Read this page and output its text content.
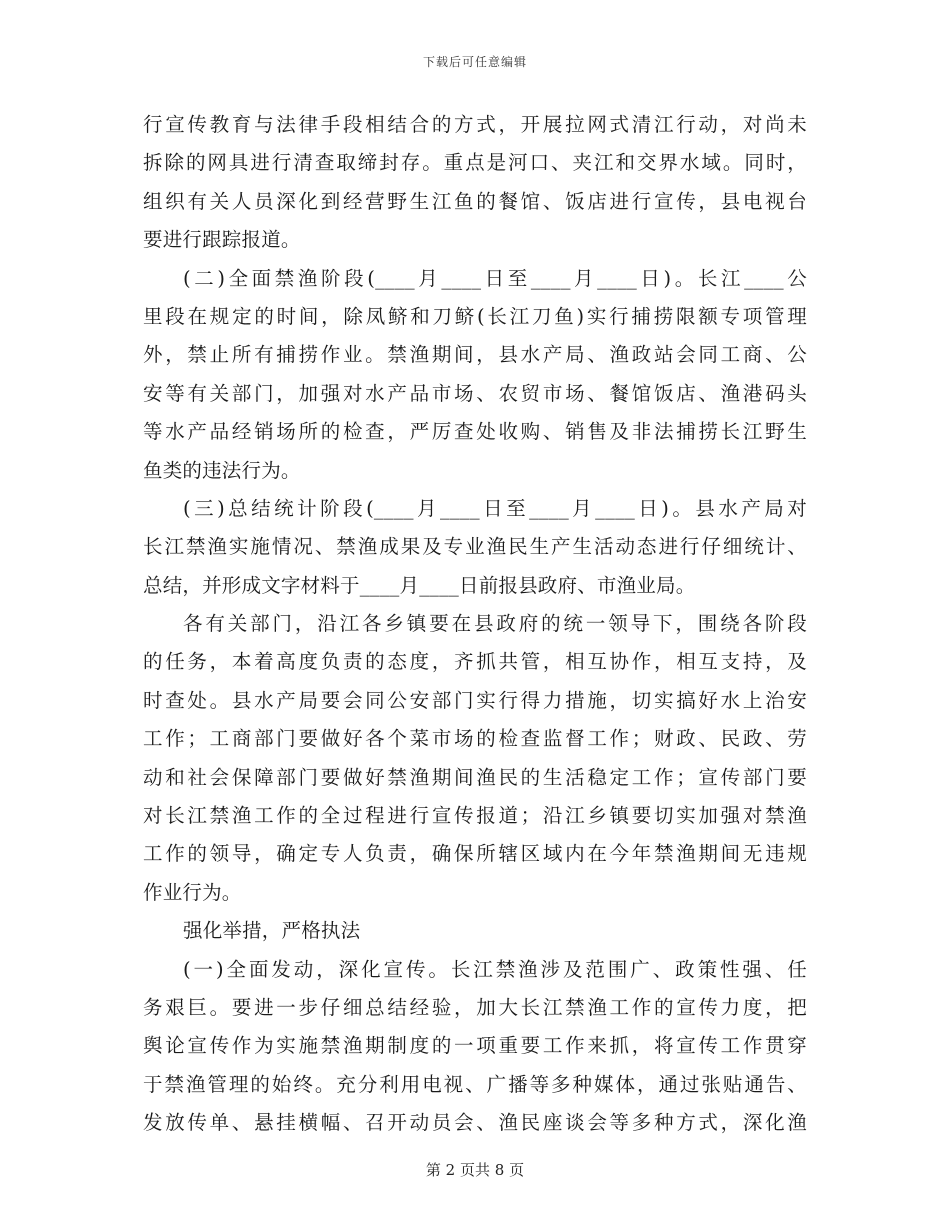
下载后可任意编辑
行宣传教育与法律手段相结合的方式，开展拉网式清江行动，对尚未
拆除的网具进行清查取缔封存。重点是河口、夹江和交界水域。同时，
组织有关人员深化到经营野生江鱼的餐馆、饭店进行宣传，县电视台
要进行跟踪报道。
(二)全面禁渔阶段(____月____日至____月____日)。长江____公
里段在规定的时间，除凤鲚和刀鲚(长江刀鱼)实行捕捞限额专项管理
外，禁止所有捕捞作业。禁渔期间，县水产局、渔政站会同工商、公
安等有关部门，加强对水产品市场、农贸市场、餐馆饭店、渔港码头
等水产品经销场所的检查，严厉查处收购、销售及非法捕捞长江野生
鱼类的违法行为。
(三)总结统计阶段(____月____日至____月____日)。县水产局对
长江禁渔实施情况、禁渔成果及专业渔民生产生活动态进行仔细统计、
总结，并形成文字材料于____月____日前报县政府、市渔业局。
各有关部门，沿江各乡镇要在县政府的统一领导下，围绕各阶段
的任务，本着高度负责的态度，齐抓共管，相互协作，相互支持，及
时查处。县水产局要会同公安部门实行得力措施，切实搞好水上治安
工作；工商部门要做好各个菜市场的检查监督工作；财政、民政、劳
动和社会保障部门要做好禁渔期间渔民的生活稳定工作；宣传部门要
对长江禁渔工作的全过程进行宣传报道；沿江乡镇要切实加强对禁渔
工作的领导，确定专人负责，确保所辖区域内在今年禁渔期间无违规
作业行为。
强化举措，严格执法
(一)全面发动，深化宣传。长江禁渔涉及范围广、政策性强、任
务艰巨。要进一步仔细总结经验，加大长江禁渔工作的宣传力度，把
舆论宣传作为实施禁渔期制度的一项重要工作来抓，将宣传工作贯穿
于禁渔管理的始终。充分利用电视、广播等多种媒体，通过张贴通告、
发放传单、悬挂横幅、召开动员会、渔民座谈会等多种方式，深化渔
第 2 页共 8 页
